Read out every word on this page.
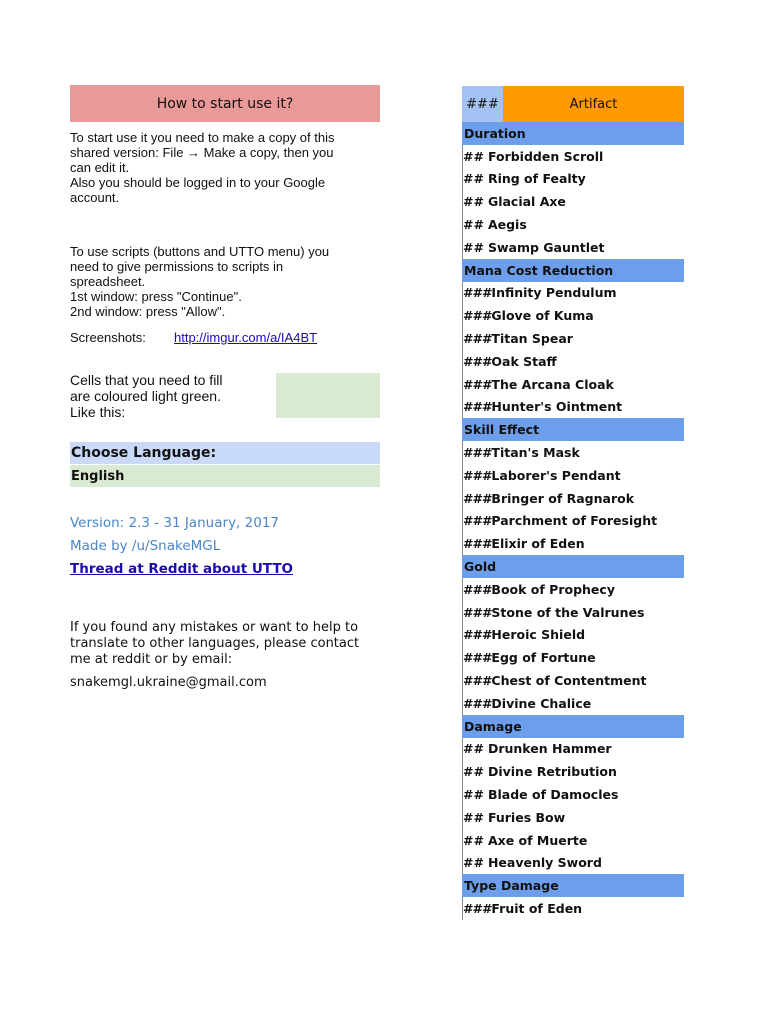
How to start use it?

To start use it you need to make a copy of this
shared version: File → Make a copy, then you
can edit it.
Also you should be logged in to your Google
account.

To use scripts (buttons and UTTO menu) you
need to give permissions to scripts in
spreadsheet.
1st window: press "Continue".
2nd window: press "Allow".

Screenshots:	http://imgur.com/a/IA4BT
Cells that you need to fill
are coloured light green.
Like this:
Choose Language:
English
Version: 2.3 - 31 January, 2017
Made by /u/SnakeMGL
Thread at Reddit about UTTO
If you found any mistakes or want to help to translate to other languages, please contact me at reddit or by email:
snakemgl.ukraine@gmail.com
###	Artifact
Duration
## Forbidden Scroll
## Ring of Fealty
## Glacial Axe
## Aegis
## Swamp Gauntlet
Mana Cost Reduction
### Infinity Pendulum
### Glove of Kuma
### Titan Spear
### Oak Staff
### The Arcana Cloak
### Hunter's Ointment
Skill Effect
### Titan's Mask
### Laborer's Pendant
### Bringer of Ragnarok
### Parchment of Foresight
### Elixir of Eden
Gold
### Book of Prophecy
### Stone of the Valrunes
### Heroic Shield
### Egg of Fortune
### Chest of Contentment
### Divine Chalice
Damage
## Drunken Hammer
## Divine Retribution
## Blade of Damocles
## Furies Bow
## Axe of Muerte
## Heavenly Sword
Type Damage
### Fruit of Eden
